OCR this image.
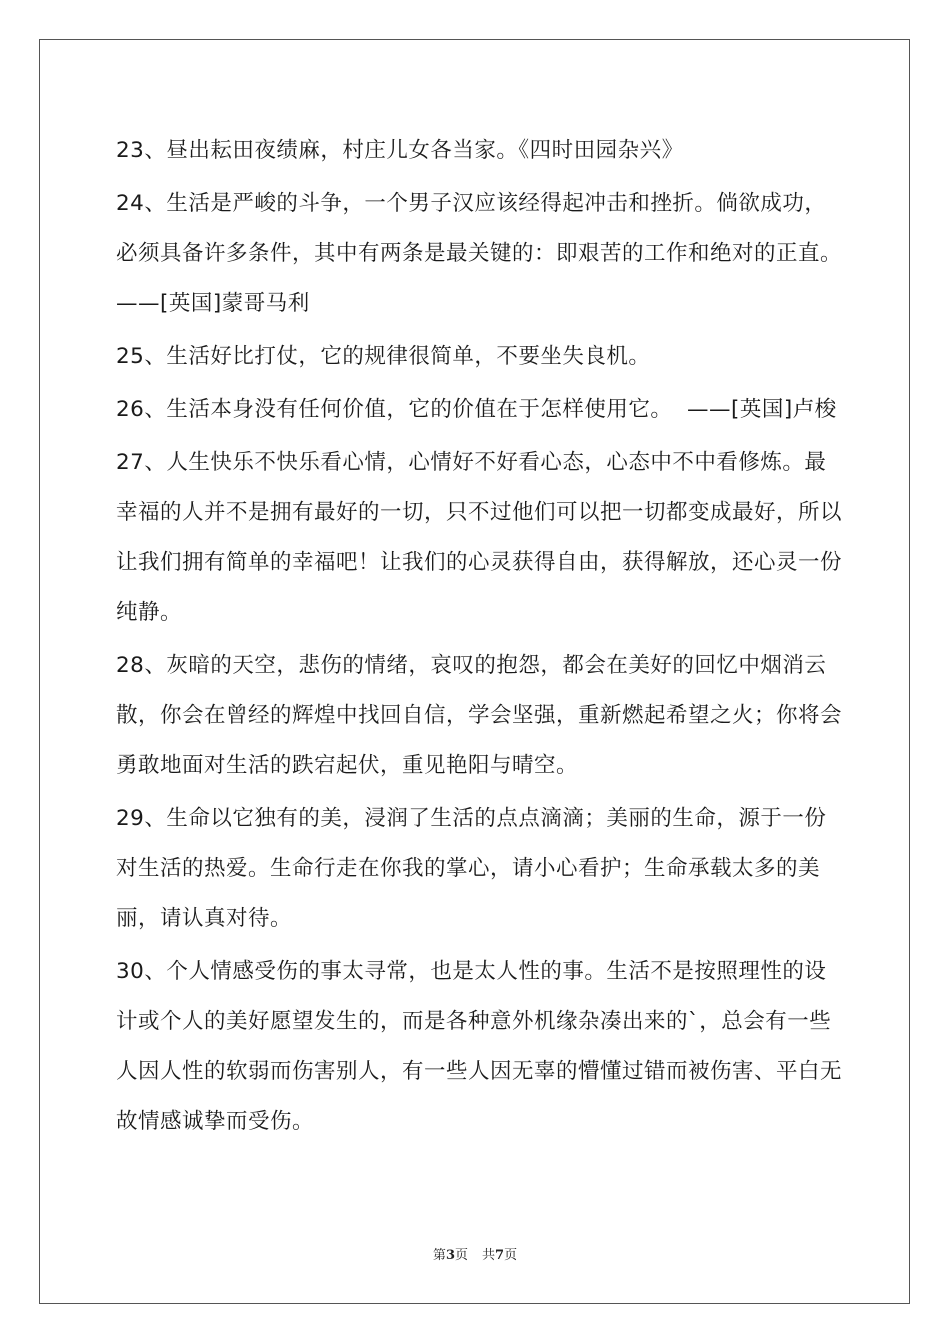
23、昼出耘田夜绩麻，村庄儿女各当家。《四时田园杂兴》

24、生活是严峻的斗争，一个男子汉应该经得起冲击和挫折。倘欲成功，必须具备许多条件，其中有两条是最关键的：即艰苦的工作和绝对的正直。 ——[英国]蒙哥马利

25、生活好比打仗，它的规律很简单，不要坐失良机。

26、生活本身没有任何价值，它的价值在于怎样使用它。  ——[英国]卢梭

27、人生快乐不快乐看心情，心情好不好看心态，心态中不中看修炼。最幸福的人并不是拥有最好的一切，只不过他们可以把一切都变成最好，所以让我们拥有简单的幸福吧！让我们的心灵获得自由，获得解放，还心灵一份纯静。

28、灰暗的天空，悲伤的情绪，哀叹的抱怨，都会在美好的回忆中烟消云散，你会在曾经的辉煌中找回自信，学会坚强，重新燃起希望之火；你将会勇敢地面对生活的跌宕起伏，重见艳阳与晴空。

29、生命以它独有的美，浸润了生活的点点滴滴；美丽的生命，源于一份对生活的热爱。生命行走在你我的掌心，请小心看护；生命承载太多的美丽，请认真对待。

30、个人情感受伤的事太寻常，也是太人性的事。生活不是按照理性的设计或个人的美好愿望发生的，而是各种意外机缘杂凑出来的`，总会有一些人因人性的软弱而伤害别人，有一些人因无辜的懵懂过错而被伤害、平白无故情感诚挚而受伤。

第3页 共7页
